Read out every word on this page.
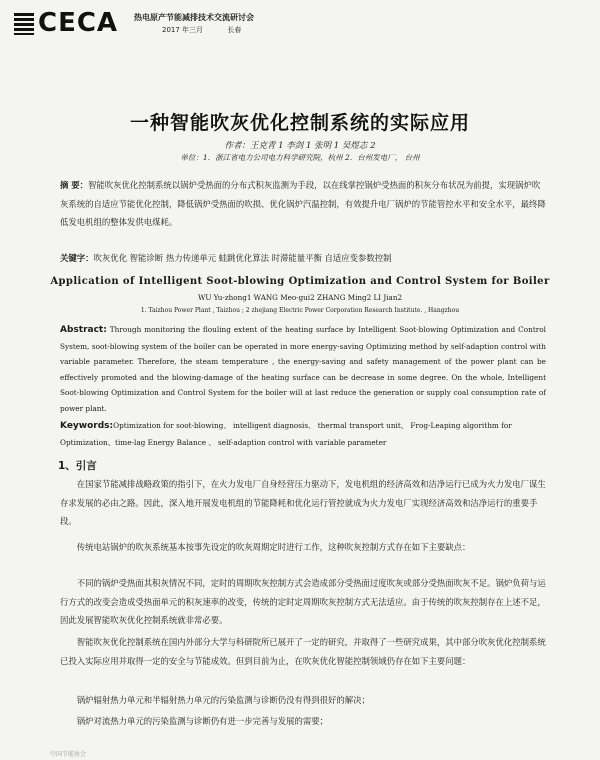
CECA 热电原产节能减排技术交流研讨会
2017 年三月	长春
一种智能吹灰优化控制系统的实际应用
作者：王克青 1 李剑 1 张明 1 吴煜志 2
单位：1．浙江省电力公司电力科学研究院，杭州 2．台州发电厂， 台州
摘 要：智能吹灰优化控制系统以锅炉受热面的分布式积灰监测为手段，以在线掌控锅炉受热面的积灰分布状况为前提，实现锅炉吹灰系统的自适应节能优化控制，降低锅炉受热面的吹损、优化锅炉汽温控制，有效提升电厂锅炉的节能管控水平和安全水平，最终降低发电机组的整体发供电煤耗。
关键字：吹灰优化 智能诊断 热力传递单元 蛙跳优化算法 时滞能量平衡 自适应变参数控制
Application of Intelligent Soot-blowing Optimization and Control System for Boiler
WU Yu-zhong1 WANG Meo-gui2 ZHANG Ming2 LI Jian2
1. Taizhou Power Plant , Taizhou ; 2 zhejiang Electric Power Corporation Research Institute. , Hangzhou
Abstract: Through monitoring the flouling extent of the heating surface by Intelligent Soot-blowing Optimization and Control System, soot-blowing system of the boiler can be operated in more energy-saving Optimizing method by self-adaption control with variable parameter. Therefore, the steam temperature , the energy-saving and safety management of the power plant can be effectively promoted and the blowing-damage of the heating surface can be decrease in some degree. On the whole, Intelligent Soot-blowing Optimization and Control System for the boiler will at last reduce the generation or supply coal consumption rate of power plant.
Keywords:Optimization for soot-blowing、 intelligent diagnosis、 thermal transport unit、 Frog-Leaping algorithm for Optimization、time-lag Energy Balance 、 self-adaption control with variable parameter
1、引言
在国家节能减排战略政策的指引下，在火力发电厂自身经营压力驱动下，发电机组的经济高效和洁净运行已成为火力发电厂谋生存求发展的必由之路。因此，深入地开展发电机组的节能降耗和优化运行管控就成为火力发电厂实现经济高效和洁净运行的重要手段。
传统电站锅炉的吹灰系统基本按事先设定的吹灰周期定时进行工作，这种吹灰控制方式存在如下主要缺点：
不同的锅炉受热面其积灰情况不同，定时的周期吹灰控制方式会造成部分受热面过度吹灰或部分受热面吹灰不足。锅炉负荷与运行方式的改变会造成受热面单元的积灰速率的改变，传统的定时定周期吹灰控制方式无法适应。由于传统的吹灰控制存在上述不足，因此发展智能吹灰优化控制系统就非常必要。
智能吹灰优化控制系统在国内外部分大学与科研院所已展开了一定的研究，并取得了一些研究成果，其中部分吹灰优化控制系统已投入实际应用并取得一定的安全与节能成效。但到目前为止，在吹灰优化智能控制领域仍存在如下主要问题：
锅炉辐射热力单元和半辐射热力单元的污染监测与诊断仍没有得到很好的解决；
锅炉对流热力单元的污染监测与诊断仍有进一步完善与发展的需要；
中国节能协会
